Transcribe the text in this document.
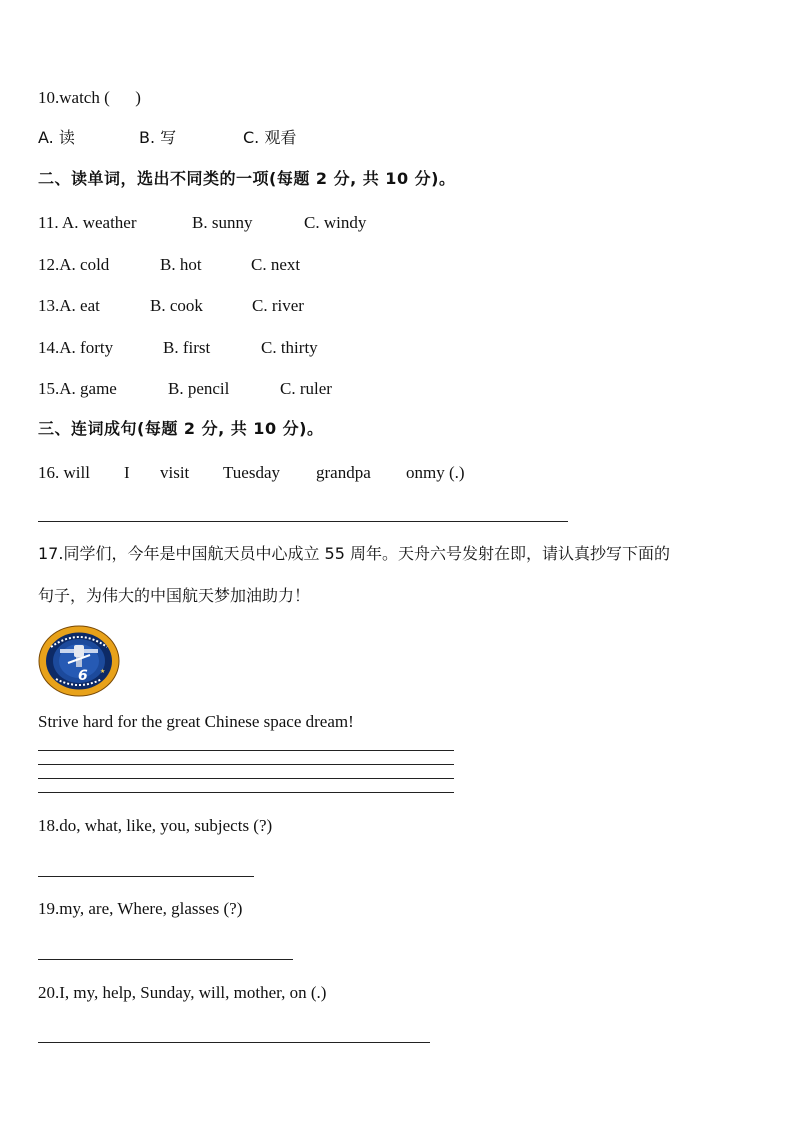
10.watch (      )
A. 读	B. 写	C. 观看
二、读单词，选出不同类的一项(每题 2 分, 共 10 分)。
11. A. weather	B. sunny	C. windy
12.A. cold	B. hot	C. next
13.A. eat	B. cook	C. river
14.A. forty	B. first	C. thirty
15.A. game	B. pencil	C. ruler
三、连词成句(每题 2 分, 共 10 分)。
16. will I visit Tuesday grandpa onmy (.)
17.同学们，今年是中国航天员中心成立 55 周年。天舟六号发射在即，请认真抄写下面的
句子，为伟大的中国航天梦加油助力！
6 ★
Strive hard for the great Chinese space dream!
18.do, what, like, you, subjects (?)
19.my, are, Where, glasses (?)
20.I, my, help, Sunday, will, mother, on (.)
